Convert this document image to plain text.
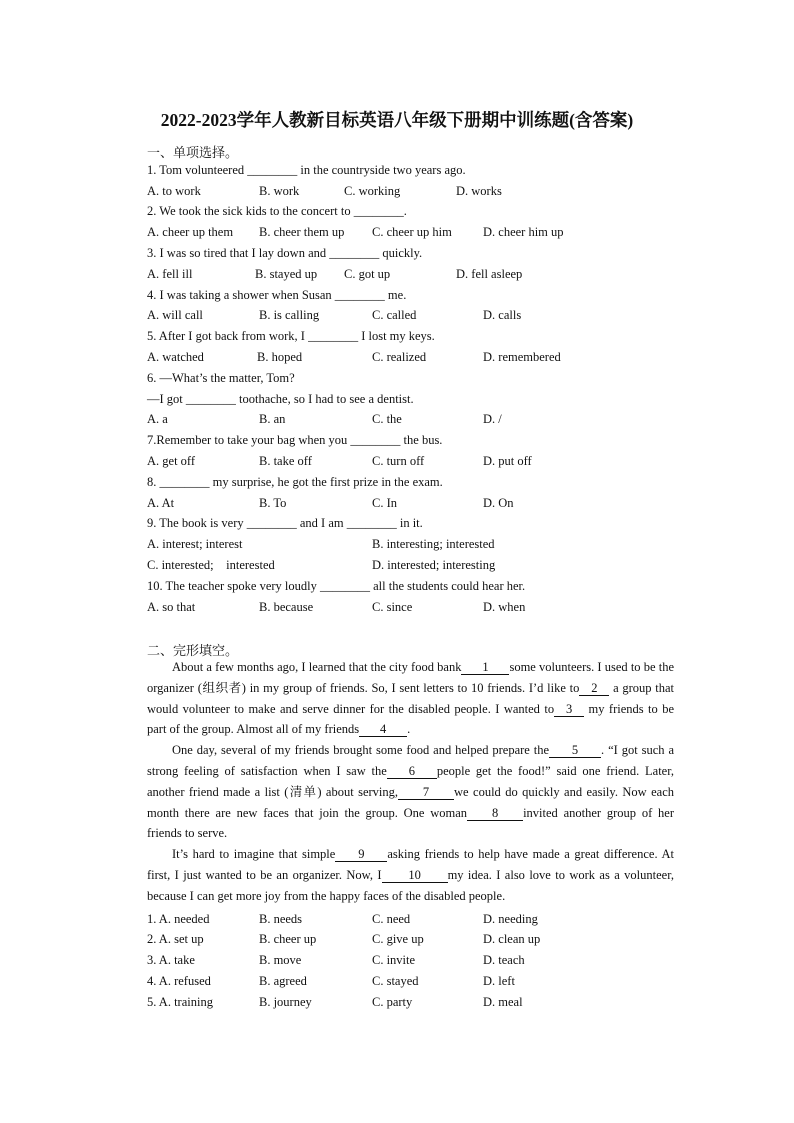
2022-2023学年人教新目标英语八年级下册期中训练题(含答案)
一、单项选择。
1. Tom volunteered ________ in the countryside two years ago.
A. to work	B. work	C. working	D. works
2. We took the sick kids to the concert to ________.
A. cheer up them B. cheer them up C. cheer up him D. cheer him up
3. I was so tired that I lay down and ________ quickly.
A. fell ill	B. stayed up C. got up	D. fell asleep
4. I was taking a shower when Susan ________ me.
A. will call	B. is calling	C. called	D. calls
5. After I got back from work, I ________ I lost my keys.
A. watched	B. hoped	C. realized	D. remembered
6. —What’s the matter, Tom?
—I got ________ toothache, so I had to see a dentist.
A. a	B. an	C. the	D. /
7.Remember to take your bag when you ________ the bus.
A. get off	B. take off	C. turn off	D. put off
8. ________ my surprise, he got the first prize in the exam.
A. At	B. To	C. In	D. On
9. The book is very ________ and I am ________ in it.
A. interest; interest	B. interesting; interested
C. interested;    interested	D. interested; interesting
10. The teacher spoke very loudly ________ all the students could hear her.
A. so that	B. because	C. since	D. when
二、完形填空。

About a few months ago, I learned that the city food bank 1 some volunteers. I used to be the organizer (组织者) in my group of friends. So, I sent letters to 10 friends. I’d like to 2 a group that would volunteer to make and serve dinner for the disabled people. I wanted to 3 my friends to be part of the group. Almost all of my friends 4 .

One day, several of my friends brought some food and helped prepare the 5 . “I got such a strong feeling of satisfaction when I saw the 6 people get the food!” said one friend. Later, another friend made a list (清单) about serving, 7 we could do quickly and easily. Now each month there are new faces that join the group. One woman 8 invited another group of her friends to serve.

It’s hard to imagine that simple 9 asking friends to help have made a great difference. At first, I just wanted to be an organizer. Now, I 10 my idea. I also love to work as a volunteer, because I can get more joy from the happy faces of the disabled people.

1. A. needed	B. needs	C. need	D. needing
2. A. set up	B. cheer up	C. give up	D. clean up
3. A. take	B. move	C. invite	D. teach
4. A. refused	B. agreed	C. stayed	D. left
5. A. training	B. journey	C. party	D. meal
